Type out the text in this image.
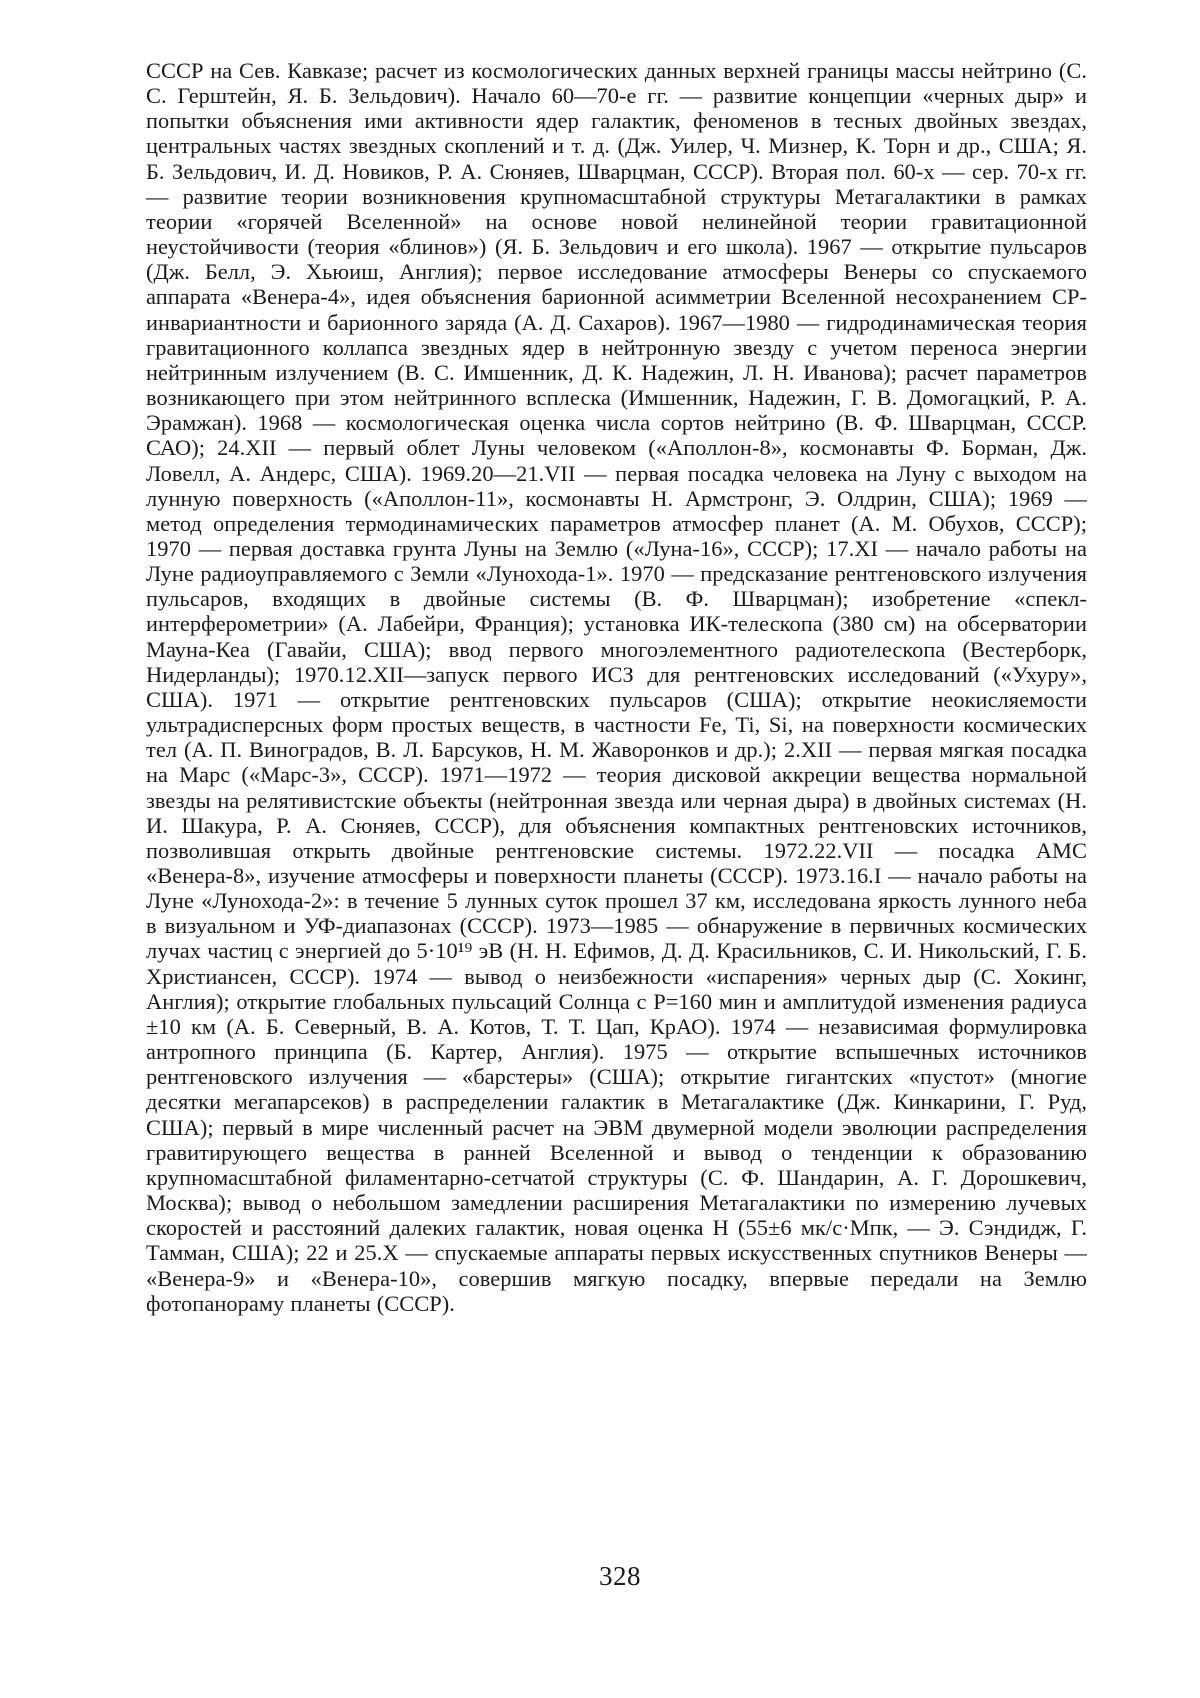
СССР на Сев. Кавказе; расчет из космологических данных верхней границы массы нейтрино (С. С. Герштейн, Я. Б. Зельдович). Начало 60—70-е гг. — развитие концепции «черных дыр» и попытки объяснения ими активности ядер галактик, феноменов в тесных двойных звездах, центральных частях звездных скоплений и т. д. (Дж. Уилер, Ч. Мизнер, К. Торн и др., США; Я. Б. Зельдович, И. Д. Новиков, Р. А. Сюняев, Шварцман, СССР). Вторая пол. 60-х — сер. 70-х гг. — развитие теории возникновения крупномасштабной структуры Метагалактики в рамках теории «горячей Вселенной» на основе новой нелинейной теории гравитационной неустойчивости (теория «блинов») (Я. Б. Зельдович и его школа). 1967 — открытие пульсаров (Дж. Белл, Э. Хьюиш, Англия); первое исследование атмосферы Венеры со спускаемого аппарата «Венера-4», идея объяснения барионной асимметрии Вселенной несохранением CP-инвариантности и барионного заряда (А. Д. Сахаров). 1967—1980 — гидродинамическая теория гравитационного коллапса звездных ядер в нейтронную звезду с учетом переноса энергии нейтринным излучением (В. С. Имшенник, Д. К. Надежин, Л. Н. Иванова); расчет параметров возникающего при этом нейтринного всплеска (Имшенник, Надежин, Г. В. Домогацкий, Р. А. Эрамжан). 1968 — космологическая оценка числа сортов нейтрино (В. Ф. Шварцман, СССР. САО); 24.XII — первый облет Луны человеком («Аполлон-8», космонавты Ф. Борман, Дж. Ловелл, А. Андерс, США). 1969.20—21.VII — первая посадка человека на Луну с выходом на лунную поверхность («Аполлон-11», космонавты Н. Армстронг, Э. Олдрин, США); 1969 — метод определения термодинамических параметров атмосфер планет (А. М. Обухов, СССР); 1970 — первая доставка грунта Луны на Землю («Луна-16», СССР); 17.XI — начало работы на Луне радиоуправляемого с Земли «Лунохода-1». 1970 — предсказание рентгеновского излучения пульсаров, входящих в двойные системы (В. Ф. Шварцман); изобретение «спекл-интерферометрии» (А. Лабейри, Франция); установка ИК-телескопа (380 см) на обсерватории Мауна-Кеа (Гавайи, США); ввод первого многоэлементного радиотелескопа (Вестерборк, Нидерланды); 1970.12.XII—запуск первого ИСЗ для рентгеновских исследований («Ухуру», США). 1971 — открытие рентгеновских пульсаров (США); открытие неокисляемости ультрадисперсных форм простых веществ, в частности Fe, Ti, Si, на поверхности космических тел (А. П. Виноградов, В. Л. Барсуков, Н. М. Жаворонков и др.); 2.XII — первая мягкая посадка на Марс («Марс-3», СССР). 1971—1972 — теория дисковой аккреции вещества нормальной звезды на релятивистские объекты (нейтронная звезда или черная дыра) в двойных системах (Н. И. Шакура, Р. А. Сюняев, СССР), для объяснения компактных рентгеновских источников, позволившая открыть двойные рентгеновские системы. 1972.22.VII — посадка АМС «Венера-8», изучение атмосферы и поверхности планеты (СССР). 1973.16.I — начало работы на Луне «Лунохода-2»: в течение 5 лунных суток прошел 37 км, исследована яркость лунного неба в визуальном и УФ-диапазонах (СССР). 1973—1985 — обнаружение в первичных космических лучах частиц с энергией до 5·10¹⁹ эВ (Н. Н. Ефимов, Д. Д. Красильников, С. И. Никольский, Г. Б. Христиансен, СССР). 1974 — вывод о неизбежности «испарения» черных дыр (С. Хокинг, Англия); открытие глобальных пульсаций Солнца с P=160 мин и амплитудой изменения радиуса ±10 км (А. Б. Северный, В. А. Котов, Т. Т. Цап, КрАО). 1974 — независимая формулировка антропного принципа (Б. Картер, Англия). 1975 — открытие вспышечных источников рентгеновского излучения — «барстеры» (США); открытие гигантских «пустот» (многие десятки мегапарсеков) в распределении галактик в Метагалактике (Дж. Кинкарини, Г. Руд, США); первый в мире численный расчет на ЭВМ двумерной модели эволюции распределения гравитирующего вещества в ранней Вселенной и вывод о тенденции к образованию крупномасштабной филаментарно-сетчатой структуры (С. Ф. Шандарин, А. Г. Дорошкевич, Москва); вывод о небольшом замедлении расширения Метагалактики по измерению лучевых скоростей и расстояний далеких галактик, новая оценка H (55±6 мк/с·Мпк, — Э. Сэндидж, Г. Тамман, США); 22 и 25.X — спускаемые аппараты первых искусственных спутников Венеры — «Венера-9» и «Венера-10», совершив мягкую посадку, впервые передали на Землю фотопанораму планеты (СССР).

328
